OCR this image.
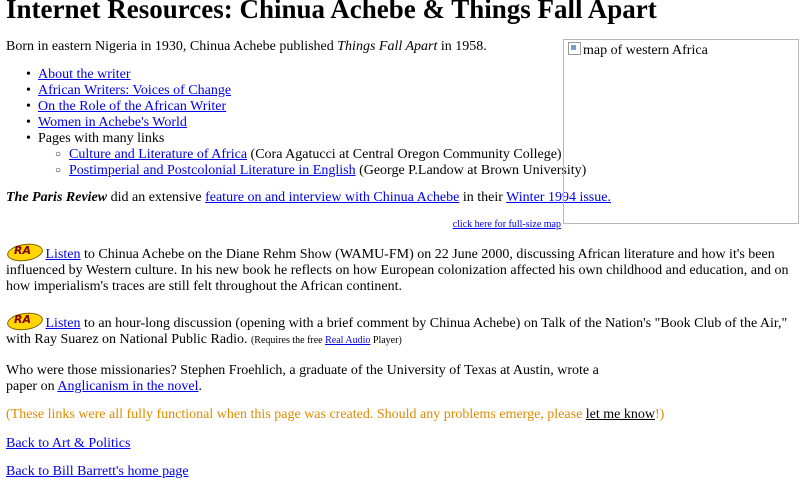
Internet Resources: Chinua Achebe & Things Fall Apart
Born in eastern Nigeria in 1930, Chinua Achebe published Things Fall Apart in 1958.
• About the writer
• African Writers: Voices of Change
• On the Role of the African Writer
• Women in Achebe's World
• Pages with many links
○ Culture and Literature of Africa (Cora Agatucci at Central Oregon Community College)
○ Postimperial and Postcolonial Literature in English (George P.Landow at Brown University)
The Paris Review did an extensive feature on and interview with Chinua Achebe in their Winter 1994 issue.
map of western Africa
click here for full-size map
RA Listen to Chinua Achebe on the Diane Rehm Show (WAMU-FM) on 22 June 2000, discussing African literature and how it's been influenced by Western culture. In his new book he reflects on how European colonization affected his own childhood and education, and on how imperialism's traces are still felt throughout the African continent.
RA Listen to an hour-long discussion (opening with a brief comment by Chinua Achebe) on Talk of the Nation's "Book Club of the Air," with Ray Suarez on National Public Radio. (Requires the free Real Audio Player)
Who were those missionaries? Stephen Froehlich, a graduate of the University of Texas at Austin, wrote a paper on Anglicanism in the novel.
(These links were all fully functional when this page was created. Should any problems emerge, please let me know!)
Back to Art & Politics
Back to Bill Barrett's home page
